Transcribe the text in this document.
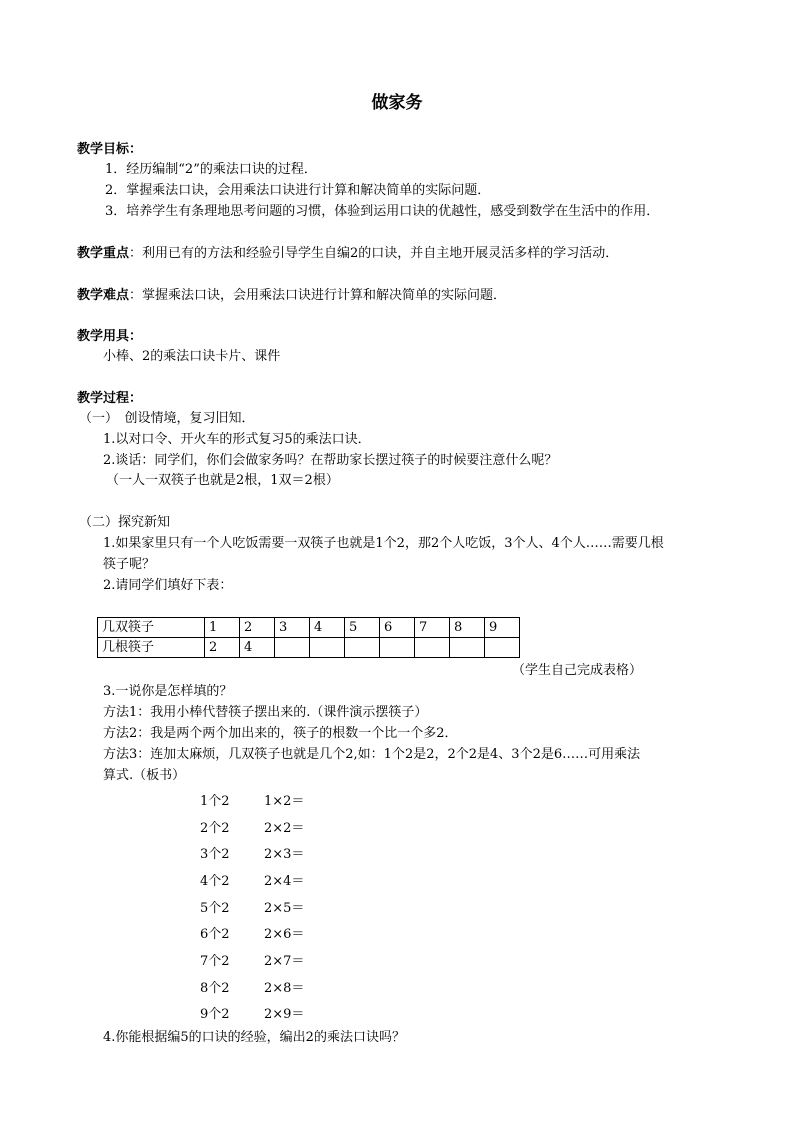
做家务
教学目标：
1．经历编制“2”的乘法口诀的过程．
2．掌握乘法口诀，会用乘法口诀进行计算和解决简单的实际问题．
3．培养学生有条理地思考问题的习惯，体验到运用口诀的优越性，感受到数学在生活中的作用．
教学重点：利用已有的方法和经验引导学生自编2的口诀，并自主地开展灵活多样的学习活动．
教学难点：掌握乘法口诀，会用乘法口诀进行计算和解决简单的实际问题．
教学用具：
小棒、2的乘法口诀卡片、课件
教学过程：
（一）　创设情境，复习旧知．
1.以对口令、开火车的形式复习5的乘法口诀．
2.谈话：同学们，你们会做家务吗？在帮助家长摆过筷子的时候要注意什么呢？
（一人一双筷子也就是2根，1双＝2根）
（二）探究新知
1.如果家里只有一个人吃饭需要一双筷子也就是1个2，那2个人吃饭，3个人、4个人……需要几根
筷子呢？
2.请同学们填好下表：
几双筷子	1	2	3	4	5	6	7	8	9
几根筷子	2	4							
（学生自己完成表格）
3.一说你是怎样填的？
方法1：我用小棒代替筷子摆出来的.（课件演示摆筷子）
方法2：我是两个两个加出来的，筷子的根数一个比一个多2．
方法3：连加太麻烦，几双筷子也就是几个2,如：1个2是2，2个2是4、3个2是6……可用乘法
算式.（板书）
1个2	1×2＝
2个2	2×2＝
3个2	2×3＝
4个2	2×4＝
5个2	2×5＝
6个2	2×6＝
7个2	2×7＝
8个2	2×8＝
9个2	2×9＝
4.你能根据编5的口诀的经验，编出2的乘法口诀吗？
